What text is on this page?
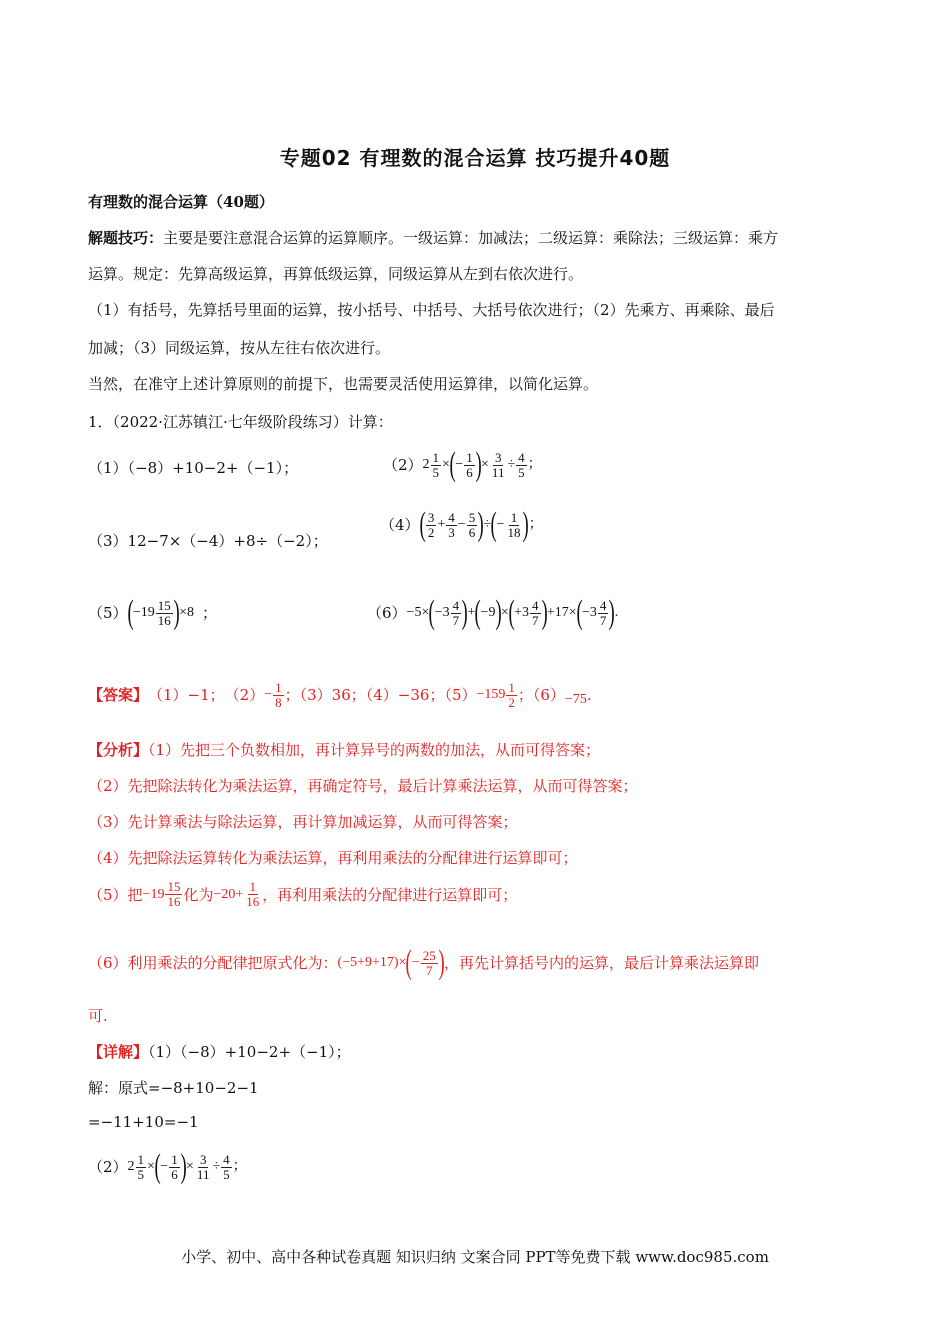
专题02 有理数的混合运算 技巧提升40题
有理数的混合运算（40题）
解题技巧：主要是要注意混合运算的运算顺序。一级运算：加减法；二级运算：乘除法；三级运算：乘方
运算。规定：先算高级运算，再算低级运算，同级运算从左到右依次进行。
（1）有括号，先算括号里面的运算，按小括号、中括号、大括号依次进行；（2）先乘方、再乘除、最后
加减；（3）同级运算，按从左往右依次进行。
当然，在准守上述计算原则的前提下，也需要灵活使用运算律，以简化运算。
1．（2022·江苏镇江·七年级阶段练习）计算：
（1）（−8）+10−2+（−1）；	（2） $2 \frac{1}{5}$ × ( − $\frac{1}{6}$ ) × $\frac{3}{11} \div \frac{4}{5}$ ；
（3）12−7×（−4）+8÷（−2）；
（4） ( $\frac{3}{2} + \frac{4}{3} - \frac{5}{6}$ ) ÷ ( − $\frac{1}{18}$ ) ；
（5） ( $-19 \frac{15}{16}$ ) ×8 ；	（6） −5× ( $-3 \frac{4}{7}$ ) + ( −9 ) × ( $+3 \frac{4}{7}$ ) +17× ( $-3 \frac{4}{7}$ ) .
【答案】 （1）−1； $(2) - \frac{1}{8}$ ；（3）36；（4）−36；$(5) -159 \frac{1}{2}$ ；（6） −75 .
【分析】（1）先把三个负数相加，再计算异号的两数的加法，从而可得答案；
（2）先把除法转化为乘法运算，再确定符号，最后计算乘法运算，从而可得答案；
（3）先计算乘法与除法运算，再计算加减运算，从而可得答案；
（4）先把除法运算转化为乘法运算，再利用乘法的分配律进行运算即可；
（5）把 $-19 \frac{15}{16}$ 化为 $-20+ \frac{1}{16}$ ，再利用乘法的分配律进行运算即可；
（6）利用乘法的分配律把原式化为： (−5+9+17)× ( − $\frac{25}{7}$ ) ，再先计算括号内的运算，最后计算乘法运算即
可.
【详解】（1）（−8）+10−2+（−1）；
解：原式=−8+10−2−1
=−11+10=−1
（2） $2 \frac{1}{5}$ × ( − $\frac{1}{6}$ ) × $\frac{3}{11} \div \frac{4}{5}$ ；
小学、初中、高中各种试卷真题 知识归纳 文案合同 PPT等免费下载 www.doc985.com
